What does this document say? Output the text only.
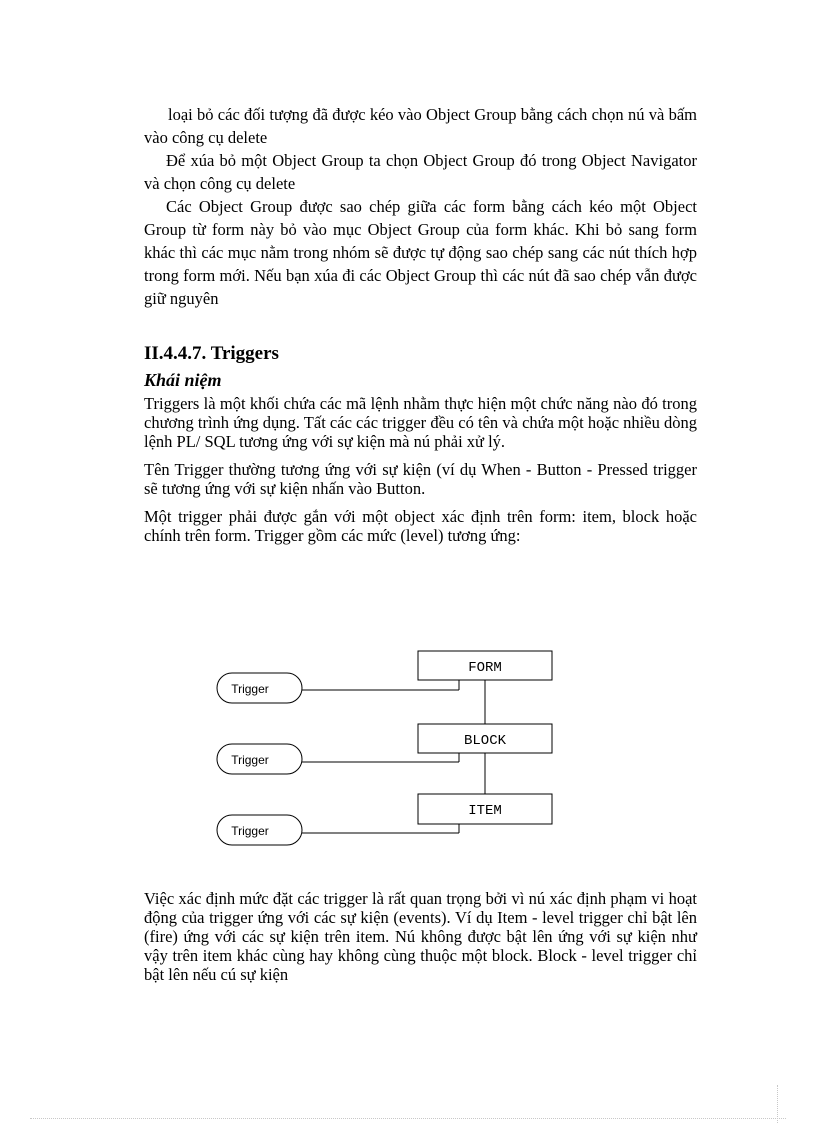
loại bỏ các đối tượng đã được kéo vào Object Group bằng cách chọn nú và bấm vào công cụ delete

Để xúa bỏ một Object Group ta chọn Object Group đó trong Object Navigator và chọn công cụ delete

Các Object Group được sao chép giữa các form bằng cách kéo một Object Group từ form này bỏ vào mục Object Group của form khác. Khi bỏ sang form khác thì các mục nằm trong nhóm sẽ được tự động sao chép sang các nút thích hợp trong form mới. Nếu bạn xúa đi các Object Group thì các nút đã sao chép vẫn được giữ nguyên

II.4.4.7. Triggers
Khái niệm

Triggers là một khối chứa các mã lệnh nhằm thực hiện một chức năng nào đó trong chương trình ứng dụng. Tất các các trigger đều có tên và chứa một hoặc nhiều dòng lệnh PL/ SQL tương ứng với sự kiện mà nú phải xử lý.

Tên Trigger thường tương ứng với sự kiện (ví dụ When - Button - Pressed trigger sẽ tương ứng với sự kiện nhấn vào Button.

Một trigger phải được gắn với một object xác định trên form: item, block hoặc chính trên form. Trigger gồm các mức (level) tương ứng:

FORM
BLOCK
ITEM
Trigger
Trigger
Trigger

Việc xác định mức đặt các trigger là rất quan trọng bởi vì nú xác định phạm vi hoạt động của trigger ứng với các sự kiện (events). Ví dụ Item - level trigger chỉ bật lên (fire) ứng với các sự kiện trên item. Nú không được bật lên ứng với sự kiện như vậy trên item khác cùng hay không cùng thuộc một block. Block - level trigger chỉ bật lên nếu cú sự kiện
